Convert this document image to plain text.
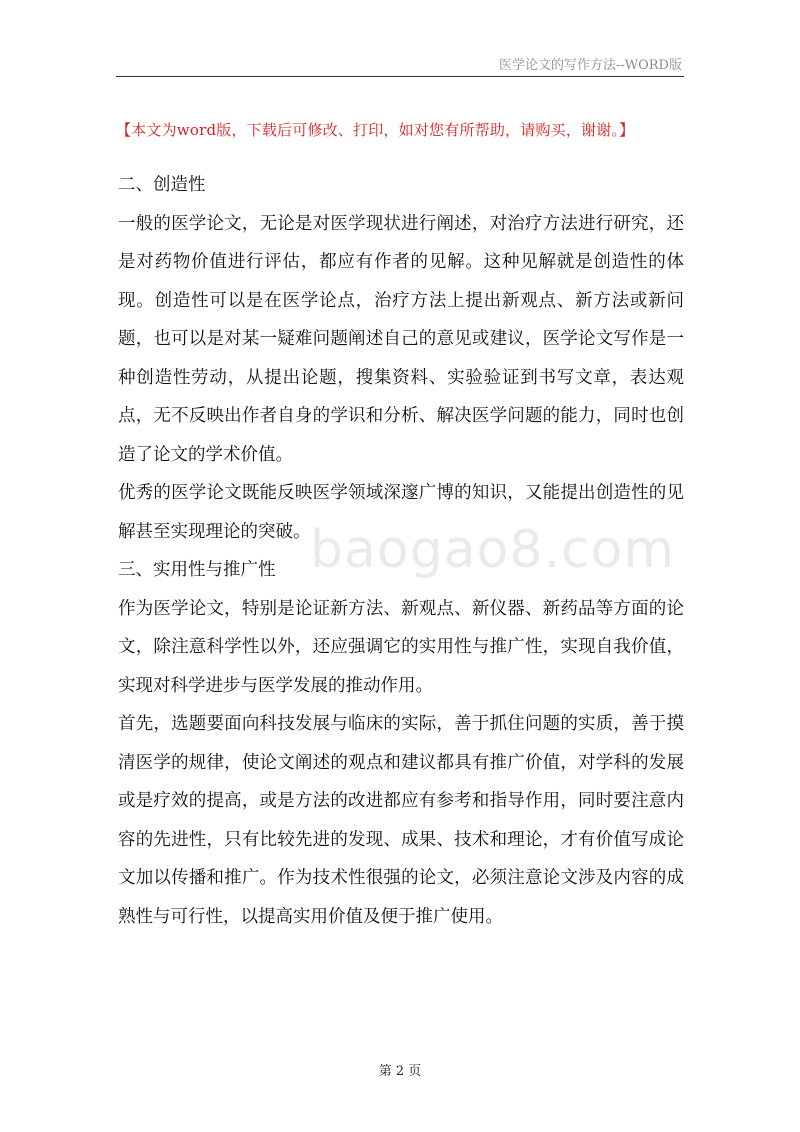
医学论文的写作方法--WORD版
【本文为word版，下载后可修改、打印，如对您有所帮助，请购买，谢谢。】

二、创造性

一般的医学论文，无论是对医学现状进行阐述，对治疗方法进行研究，还是对药物价值进行评估，都应有作者的见解。这种见解就是创造性的体现。创造性可以是在医学论点，治疗方法上提出新观点、新方法或新问题，也可以是对某一疑难问题阐述自己的意见或建议，医学论文写作是一种创造性劳动，从提出论题，搜集资料、实验验证到书写文章，表达观点，无不反映出作者自身的学识和分析、解决医学问题的能力，同时也创造了论文的学术价值。

优秀的医学论文既能反映医学领域深邃广博的知识，又能提出创造性的见解甚至实现理论的突破。

三、实用性与推广性

作为医学论文，特别是论证新方法、新观点、新仪器、新药品等方面的论文，除注意科学性以外，还应强调它的实用性与推广性，实现自我价值，实现对科学进步与医学发展的推动作用。

首先，选题要面向科技发展与临床的实际，善于抓住问题的实质，善于摸清医学的规律，使论文阐述的观点和建议都具有推广价值，对学科的发展或是疗效的提高，或是方法的改进都应有参考和指导作用，同时要注意内容的先进性，只有比较先进的发现、成果、技术和理论，才有价值写成论文加以传播和推广。作为技术性很强的论文，必须注意论文涉及内容的成熟性与可行性，以提高实用价值及便于推广使用。

baogao8.com
第 2 页
